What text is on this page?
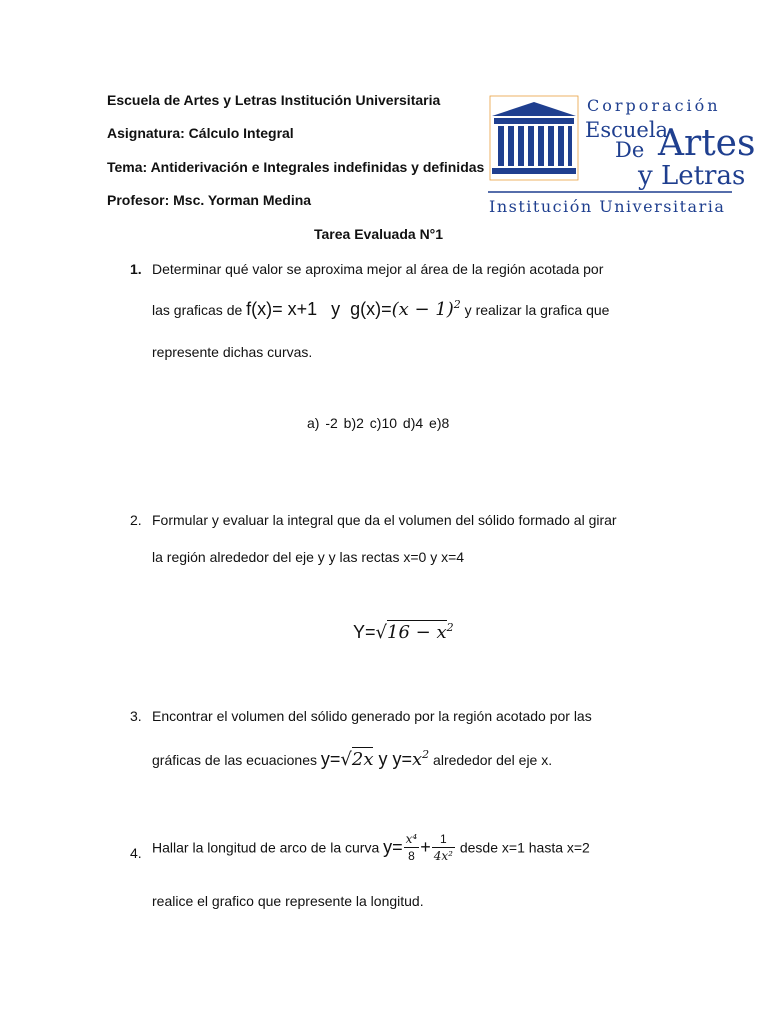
Escuela de Artes y Letras Institución Universitaria
Asignatura: Cálculo Integral
Tema: Antiderivación e Integrales indefinidas y definidas
Profesor: Msc. Yorman Medina
Corporación
Escuela
De Artes
y Letras
Institución Universitaria
Tarea Evaluada N°1
1. Determinar qué valor se aproxima mejor al área de la región acotada por
las graficas de f(x)= x+1 y $g(x)=(x - 1)^2$ y realizar la grafica que
represente dichas curvas.
a) -2 b)2 c)10 d)4 e)8
2. Formular y evaluar la integral que da el volumen del sólido formado al girar
la región alrededor del eje y y las rectas x=0 y x=4
$Y=√16 - x^2$
3. Encontrar el volumen del sólido generado por la región acotado por las
gráficas de las ecuaciones y=√2x y $y=x^2$ alrededor del eje x.
4. Hallar la longitud de arco de la curva $y= \frac{\text{x⁴}}{8} + \frac{1}{\text{4x²}}$ desde x=1 hasta x=2
realice el grafico que represente la longitud.
